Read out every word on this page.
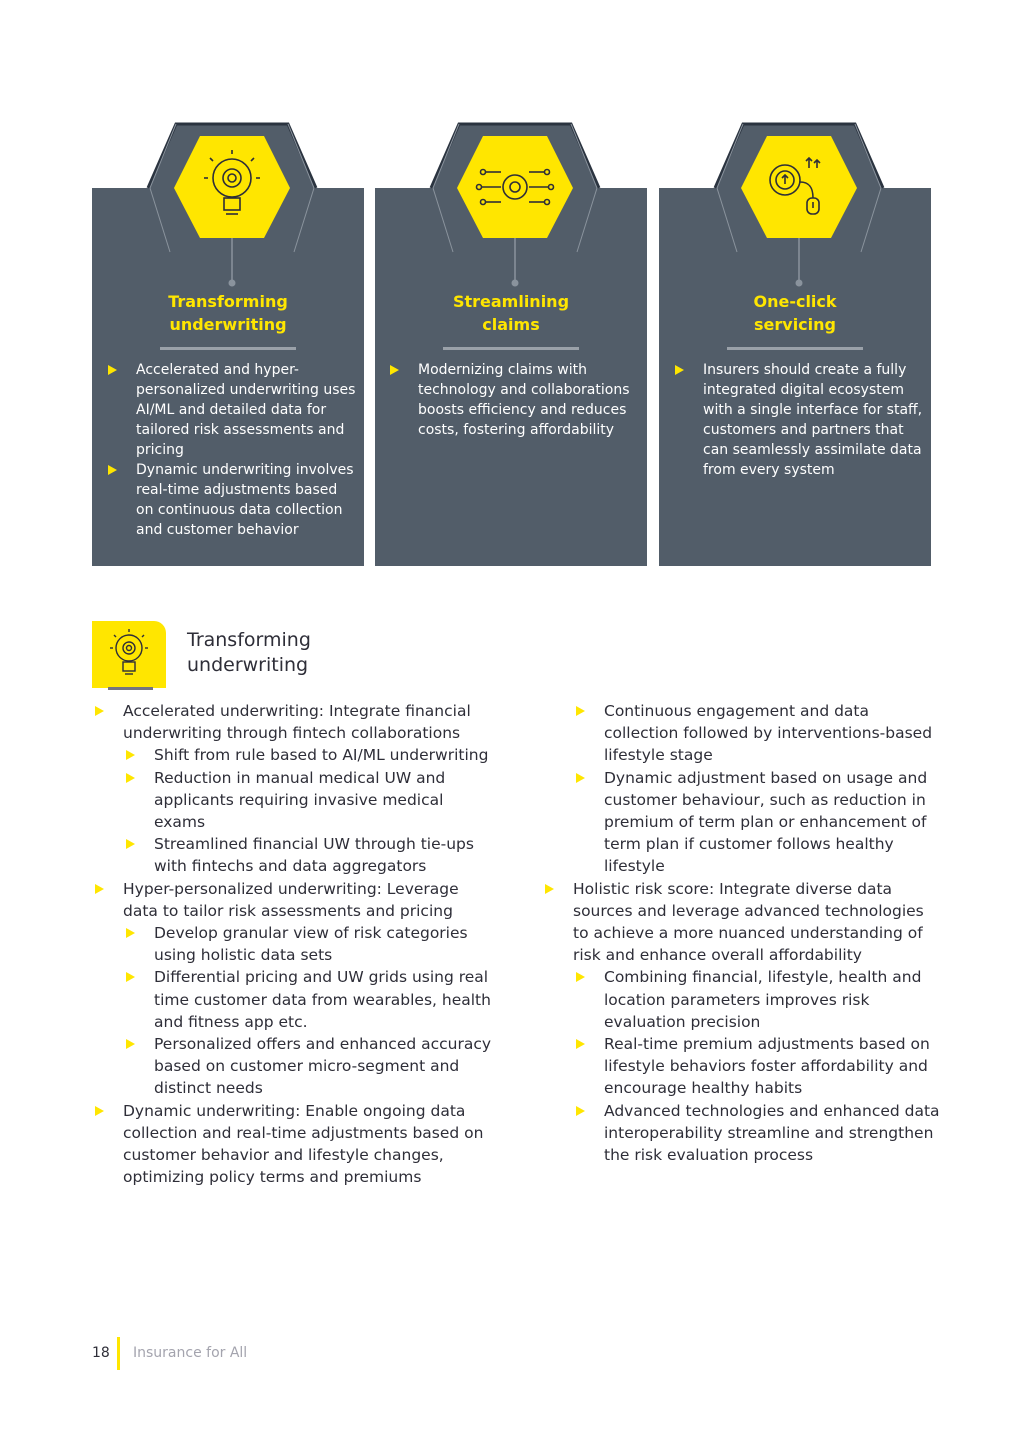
Transforming
underwriting
Accelerated and hyper-personalized underwriting uses AI/ML and detailed data for tailored risk assessments and pricing
Dynamic underwriting involves real-time adjustments based on continuous data collection and customer behavior
Streamlining
claims
Modernizing claims with technology and collaborations boosts efficiency and reduces costs, fostering affordability
One-click
servicing
Insurers should create a fully integrated digital ecosystem with a single interface for staff, customers and partners that can seamlessly assimilate data from every system
Transforming
underwriting
Accelerated underwriting: Integrate financial underwriting through fintech collaborations
Shift from rule based to AI/ML underwriting
Reduction in manual medical UW and applicants requiring invasive medical exams
Streamlined financial UW through tie-ups with fintechs and data aggregators
Hyper-personalized underwriting: Leverage data to tailor risk assessments and pricing
Develop granular view of risk categories using holistic data sets
Differential pricing and UW grids using real time customer data from wearables, health and fitness app etc.
Personalized offers and enhanced accuracy based on customer micro-segment and distinct needs
Dynamic underwriting: Enable ongoing data collection and real-time adjustments based on customer behavior and lifestyle changes, optimizing policy terms and premiums
Continuous engagement and data collection followed by interventions-based lifestyle stage
Dynamic adjustment based on usage and customer behaviour, such as reduction in premium of term plan or enhancement of term plan if customer follows healthy lifestyle
Holistic risk score: Integrate diverse data sources and leverage advanced technologies to achieve a more nuanced understanding of risk and enhance overall affordability
Combining financial, lifestyle, health and location parameters improves risk evaluation precision
Real-time premium adjustments based on lifestyle behaviors foster affordability and encourage healthy habits
Advanced technologies and enhanced data interoperability streamline and strengthen the risk evaluation process
18 Insurance for All
